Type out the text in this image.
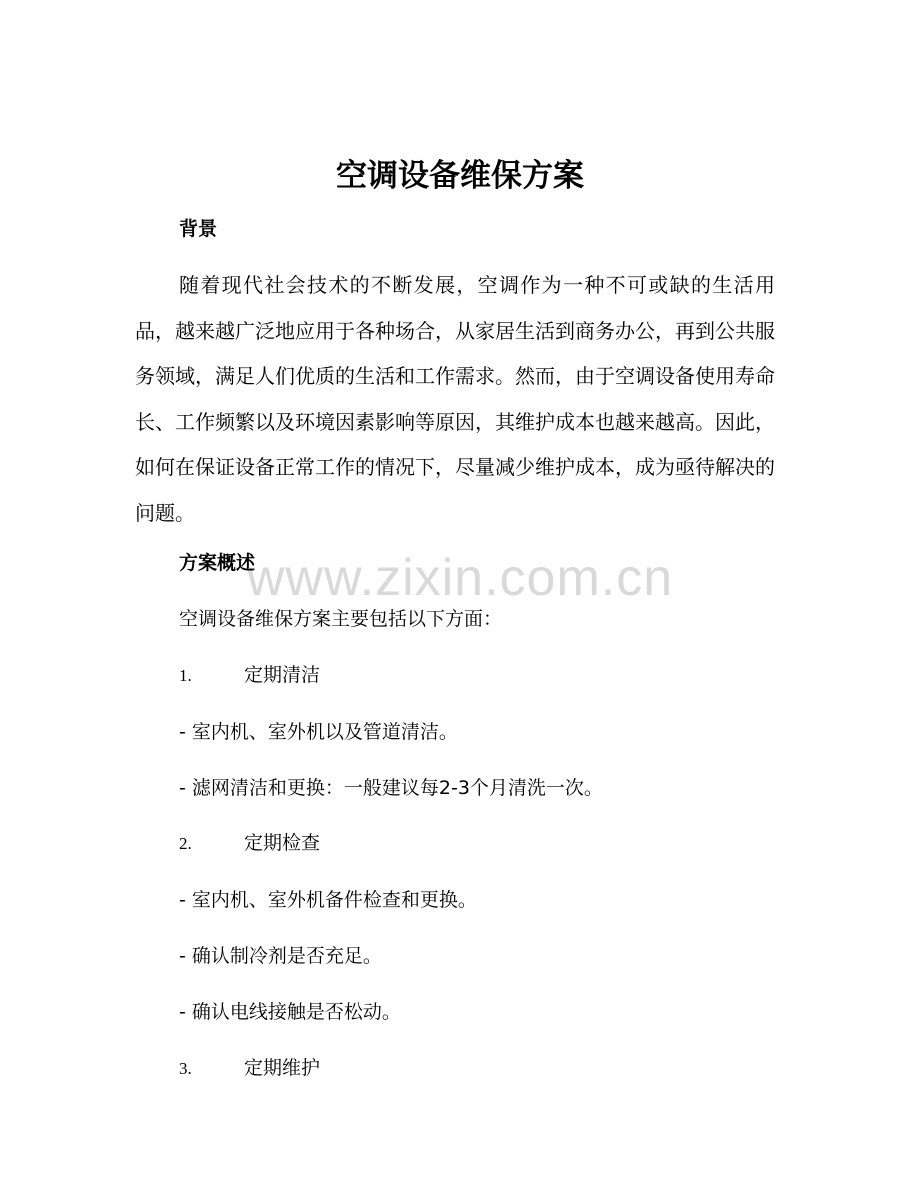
www.zixin.com.cn
空调设备维保方案
背景

随着现代社会技术的不断发展，空调作为一种不可或缺的生活用品，越来越广泛地应用于各种场合，从家居生活到商务办公，再到公共服务领域，满足人们优质的生活和工作需求。然而，由于空调设备使用寿命长、工作频繁以及环境因素影响等原因，其维护成本也越来越高。因此，如何在保证设备正常工作的情况下，尽量减少维护成本，成为亟待解决的问题。

方案概述

空调设备维保方案主要包括以下方面：

1.	定期清洁

- 室内机、室外机以及管道清洁。

- 滤网清洁和更换：一般建议每2-3个月清洗一次。

2.	定期检查

- 室内机、室外机备件检查和更换。

- 确认制冷剂是否充足。

- 确认电线接触是否松动。

3.	定期维护
